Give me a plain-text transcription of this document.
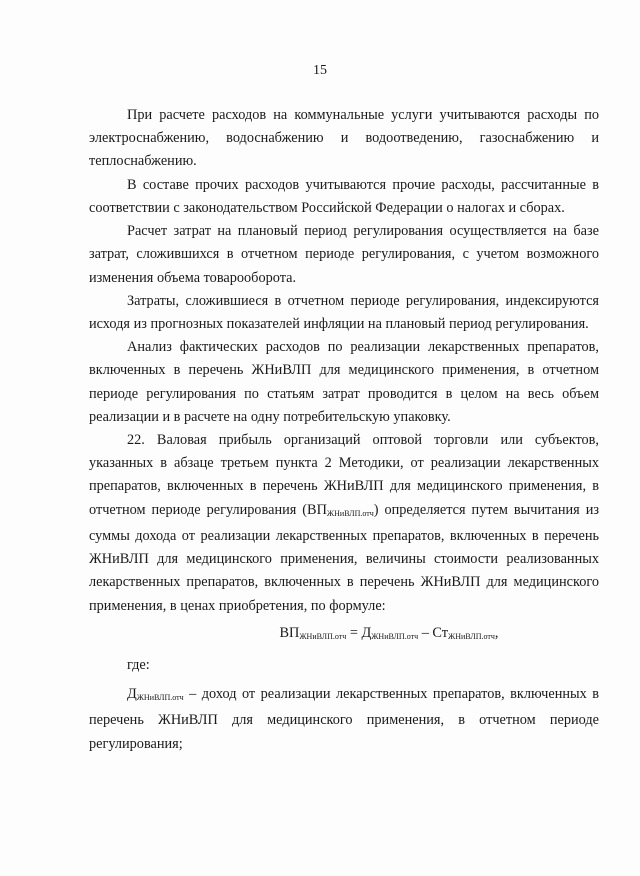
15

При расчете расходов на коммунальные услуги учитываются расходы по электроснабжению, водоснабжению и водоотведению, газоснабжению и теплоснабжению.

В составе прочих расходов учитываются прочие расходы, рассчитанные в соответствии с законодательством Российской Федерации о налогах и сборах.

Расчет затрат на плановый период регулирования осуществляется на базе затрат, сложившихся в отчетном периоде регулирования, с учетом возможного изменения объема товарооборота.

Затраты, сложившиеся в отчетном периоде регулирования, индексируются исходя из прогнозных показателей инфляции на плановый период регулирования.

Анализ фактических расходов по реализации лекарственных препаратов, включенных в перечень ЖНиВЛП для медицинского применения, в отчетном периоде регулирования по статьям затрат проводится в целом на весь объем реализации и в расчете на одну потребительскую упаковку.

22. Валовая прибыль организаций оптовой торговли или субъектов, указанных в абзаце третьем пункта 2 Методики, от реализации лекарственных препаратов, включенных в перечень ЖНиВЛП для медицинского применения, в отчетном периоде регулирования $(ВП_{ЖНиВЛП.отч})$ определяется путем вычитания из суммы дохода от реализации лекарственных препаратов, включенных в перечень ЖНиВЛП для медицинского применения, величины стоимости реализованных лекарственных препаратов, включенных в перечень ЖНиВЛП для медицинского применения, в ценах приобретения, по формуле:

$ВП_{ЖНиВЛП.отч} = Д_{ЖНиВЛП.отч} - Ст_{ЖНиВЛП.отч}$,

где:

$Д_{ЖНиВЛП.отч}$ – доход от реализации лекарственных препаратов, включенных в перечень ЖНиВЛП для медицинского применения, в отчетном периоде регулирования;
